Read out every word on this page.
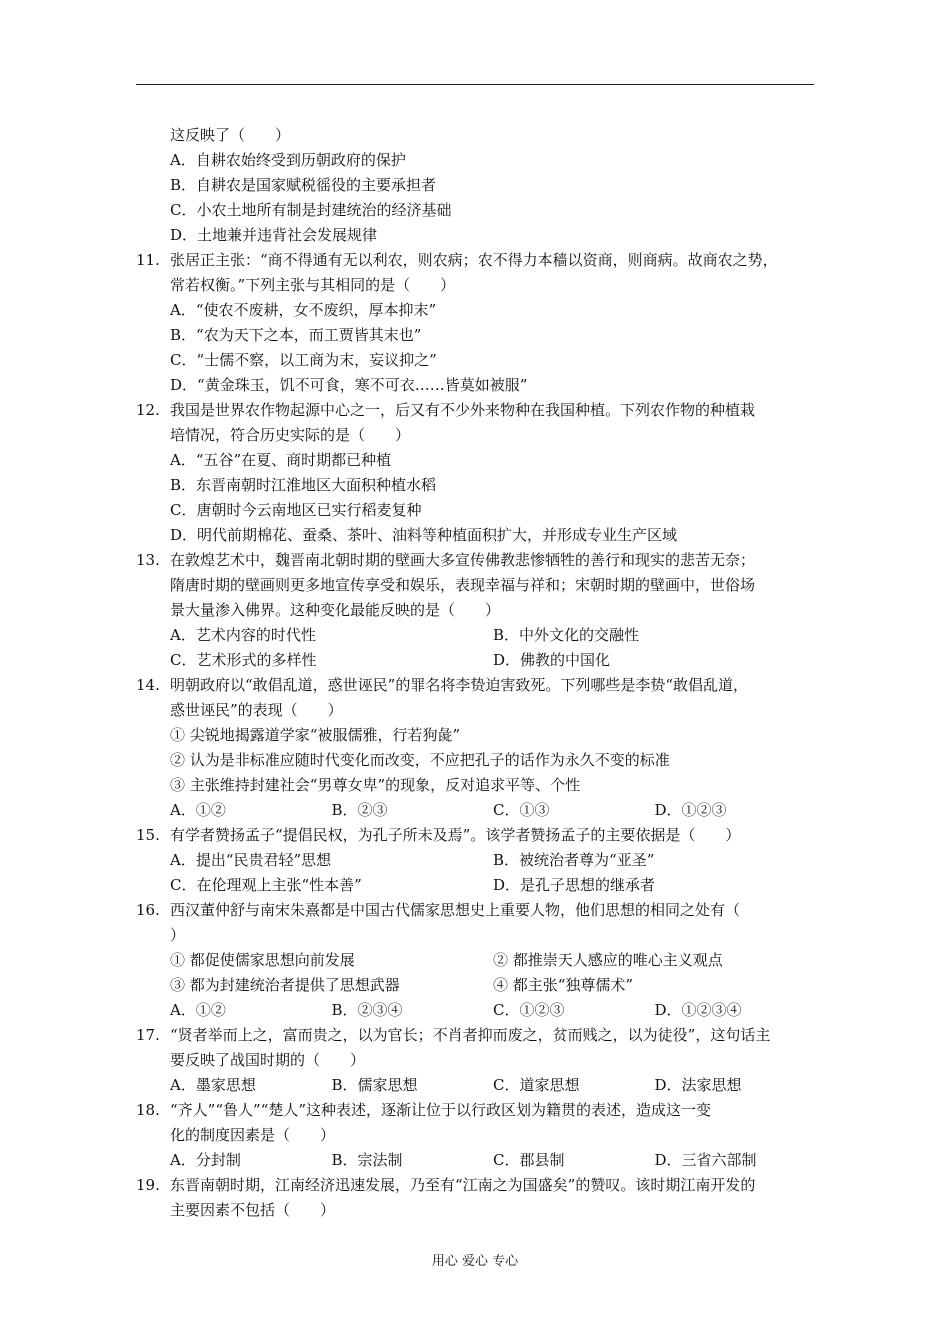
这反映了（　　）
A．自耕农始终受到历朝政府的保护
B．自耕农是国家赋税徭役的主要承担者
C．小农土地所有制是封建统治的经济基础
D．土地兼并违背社会发展规律
11. 张居正主张：“商不得通有无以利农，则农病；农不得力本穑以资商，则商病。故商农之势，
常若权衡。”下列主张与其相同的是（　　）
A．“使农不废耕，女不废织，厚本抑末”
B．“农为天下之本，而工贾皆其末也”
C．“士儒不察，以工商为末，妄议抑之”
D．“黄金珠玉，饥不可食，寒不可衣……皆莫如被服”
12. 我国是世界农作物起源中心之一，后又有不少外来物种在我国种植。下列农作物的种植栽
培情况，符合历史实际的是（　　）
A．“五谷”在夏、商时期都已种植
B．东晋南朝时江淮地区大面积种植水稻
C．唐朝时今云南地区已实行稻麦复种
D．明代前期棉花、蚕桑、茶叶、油料等种植面积扩大，并形成专业生产区域
13. 在敦煌艺术中，魏晋南北朝时期的壁画大多宣传佛教悲惨牺牲的善行和现实的悲苦无奈；
隋唐时期的壁画则更多地宣传享受和娱乐，表现幸福与祥和；宋朝时期的壁画中，世俗场
景大量渗入佛界。这种变化最能反映的是（　　）
A．艺术内容的时代性	B．中外文化的交融性
C．艺术形式的多样性	D．佛教的中国化
14. 明朝政府以“敢倡乱道，惑世诬民”的罪名将李贽迫害致死。下列哪些是李贽“敢倡乱道，
惑世诬民”的表现（　　）
① 尖锐地揭露道学家“被服儒雅，行若狗彘”
② 认为是非标准应随时代变化而改变，不应把孔子的话作为永久不变的标准
③ 主张维持封建社会“男尊女卑”的现象，反对追求平等、个性
A．①②	B．②③	C．①③	D．①②③
15. 有学者赞扬孟子“提倡民权，为孔子所未及焉”。该学者赞扬孟子的主要依据是（　　）
A．提出“民贵君轻”思想	B．被统治者尊为“亚圣”
C．在伦理观上主张“性本善”	D．是孔子思想的继承者
16. 西汉董仲舒与南宋朱熹都是中国古代儒家思想史上重要人物，他们思想的相同之处有（
）
① 都促使儒家思想向前发展	② 都推崇天人感应的唯心主义观点
③ 都为封建统治者提供了思想武器	④ 都主张“独尊儒术”
A．①②	B．②③④	C．①②③	D．①②③④
17. “贤者举而上之，富而贵之，以为官长；不肖者抑而废之，贫而贱之，以为徒役”，这句话主
要反映了战国时期的（　　）
A．墨家思想	B．儒家思想	C．道家思想	D．法家思想
18. “齐人”“鲁人”“楚人”这种表述，逐渐让位于以行政区划为籍贯的表述，造成这一变
化的制度因素是（　　）
A．分封制	B．宗法制	C．郡县制	D．三省六部制
19. 东晋南朝时期，江南经济迅速发展，乃至有“江南之为国盛矣”的赞叹。该时期江南开发的
主要因素不包括（　　）
用心 爱心 专心
